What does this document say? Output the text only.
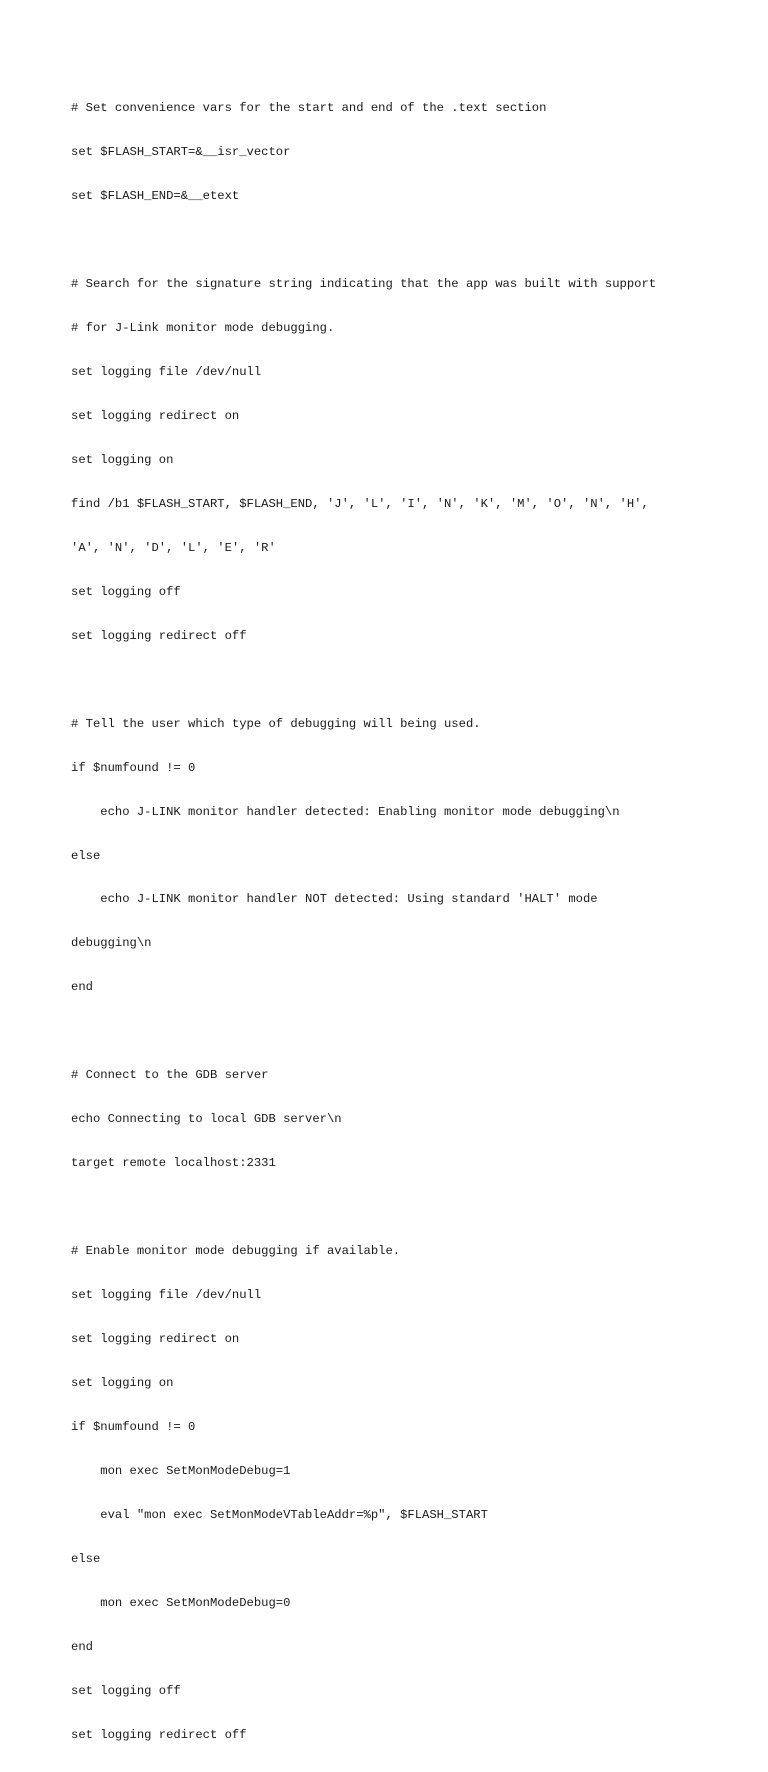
# Set convenience vars for the start and end of the .text section

set $FLASH_START=&__isr_vector

set $FLASH_END=&__etext

# Search for the signature string indicating that the app was built with support

# for J-Link monitor mode debugging.

set logging file /dev/null

set logging redirect on

set logging on

find /b1 $FLASH_START, $FLASH_END, 'J', 'L', 'I', 'N', 'K', 'M', 'O', 'N', 'H',

'A', 'N', 'D', 'L', 'E', 'R'

set logging off

set logging redirect off

# Tell the user which type of debugging will being used.

if $numfound != 0

echo J-LINK monitor handler detected: Enabling monitor mode debugging\n

else

echo J-LINK monitor handler NOT detected: Using standard 'HALT' mode

debugging\n

end

# Connect to the GDB server

echo Connecting to local GDB server\n

target remote localhost:2331

# Enable monitor mode debugging if available.

set logging file /dev/null

set logging redirect on

set logging on

if $numfound != 0

mon exec SetMonModeDebug=1

eval "mon exec SetMonModeVTableAddr=%p", $FLASH_START

else

mon exec SetMonModeDebug=0

end

set logging off

set logging redirect off
